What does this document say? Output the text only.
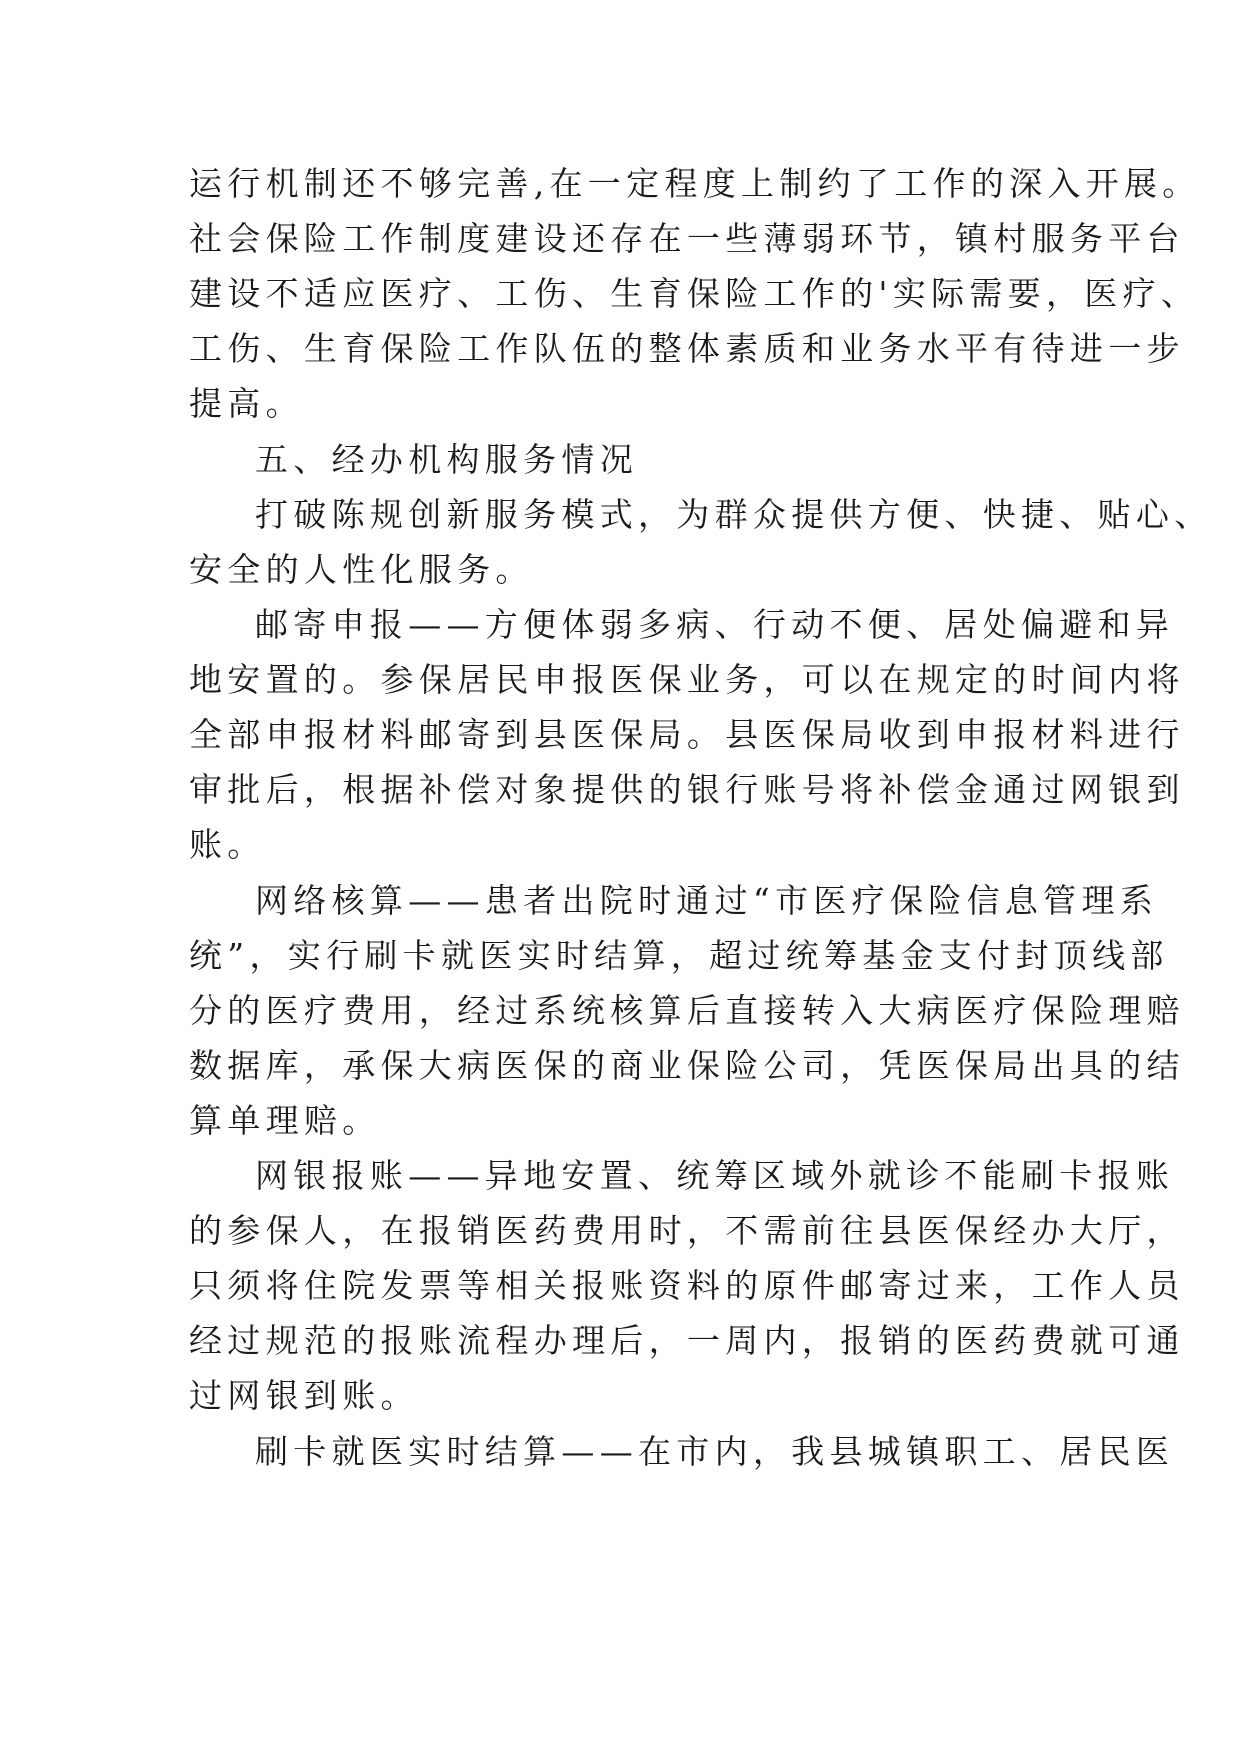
运行机制还不够完善,在一定程度上制约了工作的深入开展。

社会保险工作制度建设还存在一些薄弱环节，镇村服务平台

建设不适应医疗、工伤、生育保险工作的'实际需要，医疗、

工伤、生育保险工作队伍的整体素质和业务水平有待进一步

提高。

五、经办机构服务情况

打破陈规创新服务模式，为群众提供方便、快捷、贴心、

安全的人性化服务。

邮寄申报——方便体弱多病、行动不便、居处偏避和异

地安置的。参保居民申报医保业务，可以在规定的时间内将

全部申报材料邮寄到县医保局。县医保局收到申报材料进行

审批后，根据补偿对象提供的银行账号将补偿金通过网银到

账。

网络核算——患者出院时通过“市医疗保险信息管理系

统”，实行刷卡就医实时结算，超过统筹基金支付封顶线部

分的医疗费用，经过系统核算后直接转入大病医疗保险理赔

数据库，承保大病医保的商业保险公司，凭医保局出具的结

算单理赔。

网银报账——异地安置、统筹区域外就诊不能刷卡报账

的参保人，在报销医药费用时，不需前往县医保经办大厅，

只须将住院发票等相关报账资料的原件邮寄过来，工作人员

经过规范的报账流程办理后，一周内，报销的医药费就可通

过网银到账。

刷卡就医实时结算——在市内，我县城镇职工、居民医
